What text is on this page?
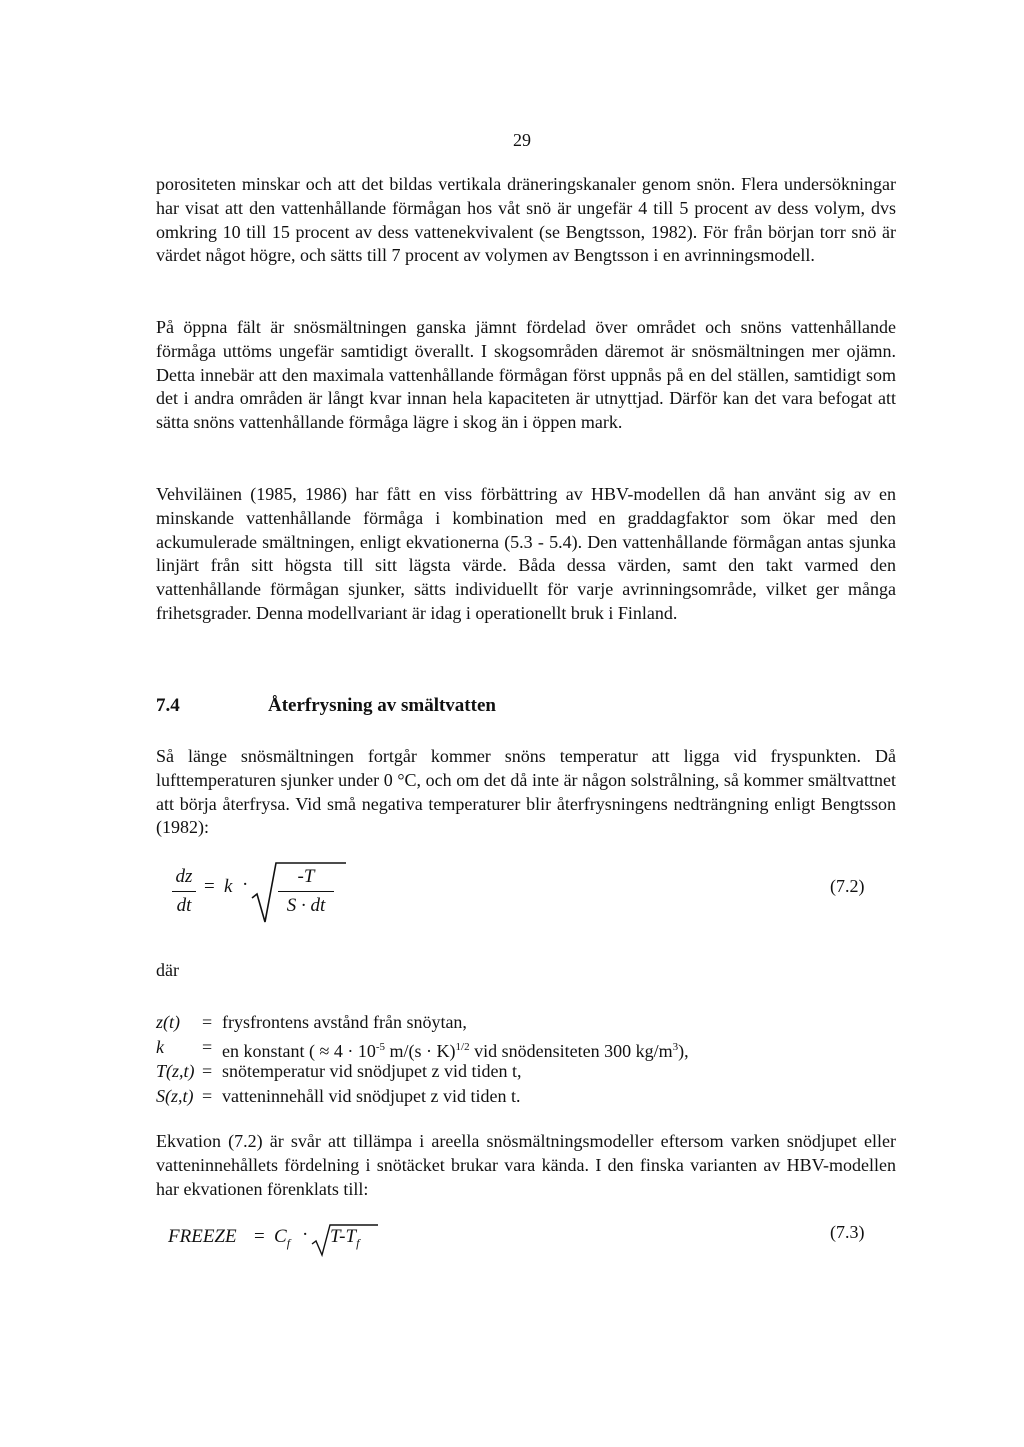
29

porositeten minskar och att det bildas vertikala dräneringskanaler genom snön. Flera undersökningar har visat att den vattenhållande förmågan hos våt snö är ungefär 4 till 5 procent av dess volym, dvs omkring 10 till 15 procent av dess vattenekvivalent (se Bengtsson, 1982). För från början torr snö är värdet något högre, och sätts till 7 procent av volymen av Bengtsson i en avrinningsmodell.

På öppna fält är snösmältningen ganska jämnt fördelad över området och snöns vattenhållande förmåga uttöms ungefär samtidigt överallt. I skogsområden däremot är snösmältningen mer ojämn. Detta innebär att den maximala vattenhållande förmågan först uppnås på en del ställen, samtidigt som det i andra områden är långt kvar innan hela kapaciteten är utnyttjad. Därför kan det vara befogat att sätta snöns vattenhållande förmåga lägre i skog än i öppen mark.

Vehviläinen (1985, 1986) har fått en viss förbättring av HBV-modellen då han använt sig av en minskande vattenhållande förmåga i kombination med en graddagfaktor som ökar med den ackumulerade smältningen, enligt ekvationerna (5.3 - 5.4). Den vattenhållande förmågan antas sjunka linjärt från sitt högsta till sitt lägsta värde. Båda dessa värden, samt den takt varmed den vattenhållande förmågan sjunker, sätts individuellt för varje avrinningsområde, vilket ger många frihetsgrader. Denna modellvariant är idag i operationellt bruk i Finland.

7.4	Återfrysning av smältvatten

Så länge snösmältningen fortgår kommer snöns temperatur att ligga vid fryspunkten. Då lufttemperaturen sjunker under 0 °C, och om det då inte är någon solstrålning, så kommer smältvattnet att börja återfrysa. Vid små negativa temperaturer blir återfrysningens nedträngning enligt Bengtsson (1982):

dz
dt
= k ·	-T
S · dt
(7.2)
där
z(t)	= frysfrontens avstånd från snöytan,
k	= en konstant ( ≈ $4 \cdot 10^{-5}$ $m/(s \cdot K)^{1/2}$ vid snödensiteten 300 $kg/m^3$),
T(z,t) = snötemperatur vid snödjupet z vid tiden t,
S(z,t) = vatteninnehåll vid snödjupet z vid tiden t.

Ekvation (7.2) är svår att tillämpa i areella snösmältningsmodeller eftersom varken snödjupet eller vatteninnehållets fördelning i snötäcket brukar vara kända. I den finska varianten av HBV-modellen har ekvationen förenklats till:

FREEZE = $C_f \cdot T-T_f$
(7.3)
